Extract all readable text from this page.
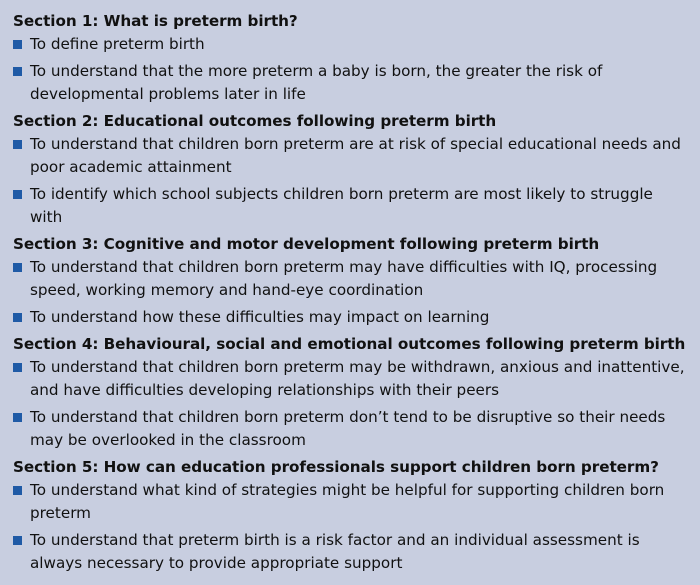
Section 1: What is preterm birth?
To define preterm birth
To understand that the more preterm a baby is born, the greater the risk of developmental problems later in life
Section 2: Educational outcomes following preterm birth
To understand that children born preterm are at risk of special educational needs and poor academic attainment
To identify which school subjects children born preterm are most likely to struggle with
Section 3: Cognitive and motor development following preterm birth
To understand that children born preterm may have difficulties with IQ, processing speed, working memory and hand-eye coordination
To understand how these difficulties may impact on learning
Section 4: Behavioural, social and emotional outcomes following preterm birth
To understand that children born preterm may be withdrawn, anxious and inattentive, and have difficulties developing relationships with their peers
To understand that children born preterm don’t tend to be disruptive so their needs may be overlooked in the classroom
Section 5: How can education professionals support children born preterm?
To understand what kind of strategies might be helpful for supporting children born preterm
To understand that preterm birth is a risk factor and an individual assessment is always necessary to provide appropriate support
